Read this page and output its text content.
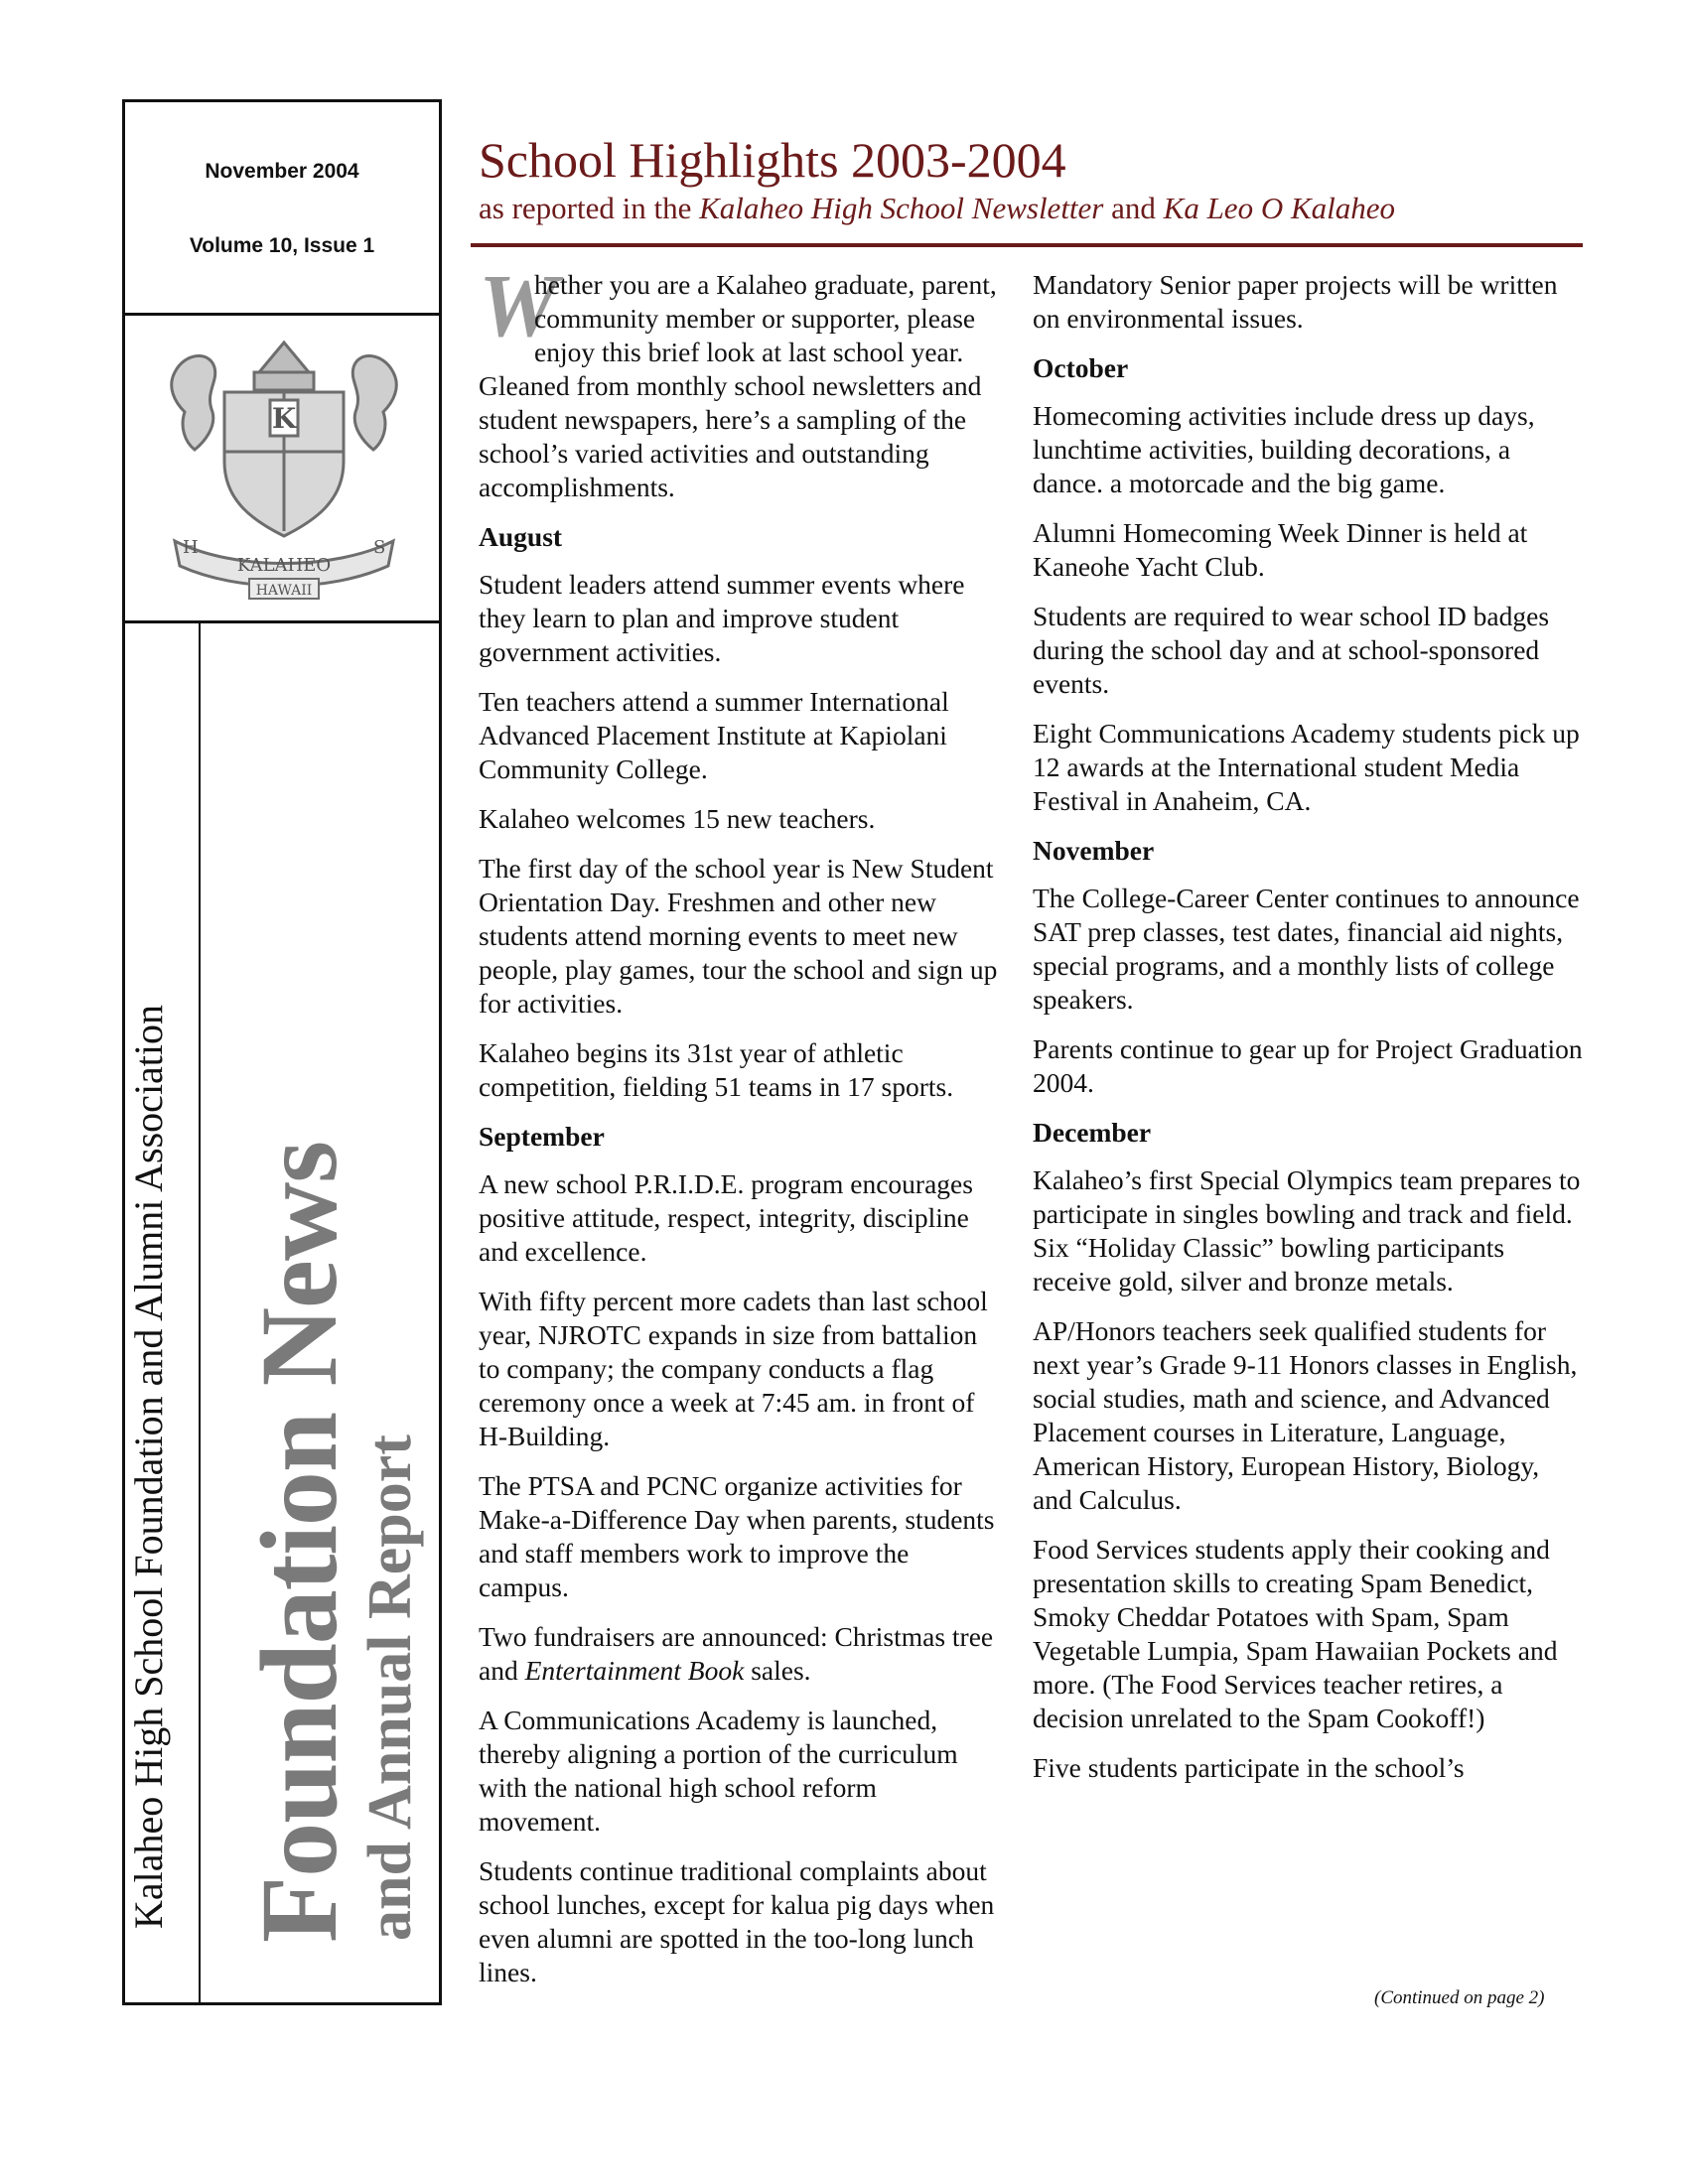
November 2004
Volume 10, Issue 1
K
KALAHEO
H	S
HAWAII
Kalaheo High School Foundation and Alumni Association Foundation News
and Annual Report
School Highlights 2003-2004
as reported in the Kalaheo High School Newsletter and Ka Leo O Kalaheo

W
hether you are a Kalaheo graduate, parent, community member or supporter, please enjoy this brief look at last school year. Gleaned from monthly school newsletters and student newspapers, here’s a sampling of the school’s varied activities and outstanding accomplishments.

August

Student leaders attend summer events where they learn to plan and improve student government activities.

Ten teachers attend a summer International Advanced Placement Institute at Kapiolani Community College.

Kalaheo welcomes 15 new teachers.

The first day of the school year is New Student Orientation Day. Freshmen and other new students attend morning events to meet new people, play games, tour the school and sign up for activities.

Kalaheo begins its 31st year of athletic competition, fielding 51 teams in 17 sports.

September

A new school P.R.I.D.E. program encourages positive attitude, respect, integrity, discipline and excellence.

With fifty percent more cadets than last school year, NJROTC expands in size from battalion to company; the company conducts a flag ceremony once a week at 7:45 am. in front of H-Building.

The PTSA and PCNC organize activities for Make-a-Difference Day when parents, students and staff members work to improve the campus.

Two fundraisers are announced: Christmas tree and Entertainment Book sales.

A Communications Academy is launched, thereby aligning a portion of the curriculum with the national high school reform movement.

Students continue traditional complaints about school lunches, except for kalua pig days when even alumni are spotted in the too-long lunch lines.

Mandatory Senior paper projects will be written on environmental issues.

October

Homecoming activities include dress up days, lunchtime activities, building decorations, a dance. a motorcade and the big game.

Alumni Homecoming Week Dinner is held at Kaneohe Yacht Club.

Students are required to wear school ID badges during the school day and at school-sponsored events.

Eight Communications Academy students pick up 12 awards at the International student Media Festival in Anaheim, CA.

November

The College-Career Center continues to announce SAT prep classes, test dates, financial aid nights, special programs, and a monthly lists of college speakers.

Parents continue to gear up for Project Graduation 2004.

December

Kalaheo’s first Special Olympics team prepares to participate in singles bowling and track and field. Six “Holiday Classic” bowling participants receive gold, silver and bronze metals.

AP/Honors teachers seek qualified students for next year’s Grade 9-11 Honors classes in English, social studies, math and science, and Advanced Placement courses in Literature, Language, American History, European History, Biology, and Calculus.

Food Services students apply their cooking and presentation skills to creating Spam Benedict, Smoky Cheddar Potatoes with Spam, Spam Vegetable Lumpia, Spam Hawaiian Pockets and more. (The Food Services teacher retires, a decision unrelated to the Spam Cookoff!)

Five students participate in the school’s

(Continued on page 2)
